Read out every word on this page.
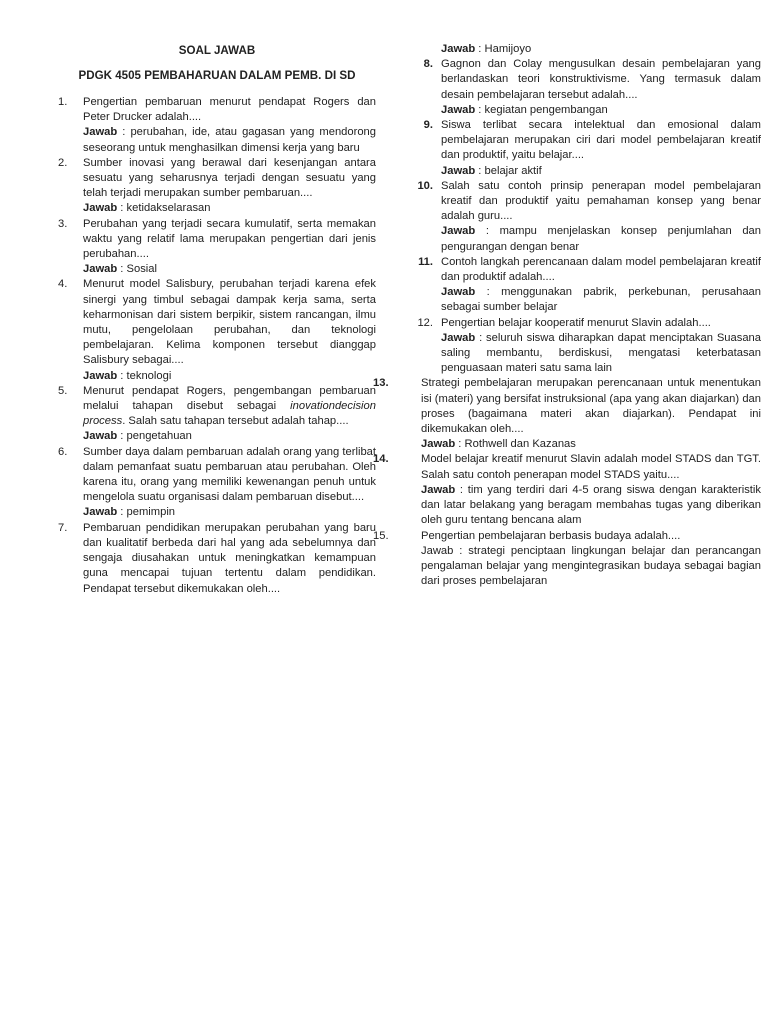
SOAL JAWAB
PDGK 4505 PEMBAHARUAN DALAM PEMB. DI SD
1. Pengertian pembaruan menurut pendapat Rogers dan Peter Drucker adalah....
Jawab : perubahan, ide, atau gagasan yang mendorong seseorang untuk menghasilkan dimensi kerja yang baru
2. Sumber inovasi yang berawal dari kesenjangan antara sesuatu yang seharusnya terjadi dengan sesuatu yang telah terjadi merupakan sumber pembaruan....
Jawab : ketidakselarasan
3. Perubahan yang terjadi secara kumulatif, serta memakan waktu yang relatif lama merupakan pengertian dari jenis perubahan....
Jawab : Sosial
4. Menurut model Salisbury, perubahan terjadi karena efek sinergi yang timbul sebagai dampak kerja sama, serta keharmonisan dari sistem berpikir, sistem rancangan, ilmu mutu, pengelolaan perubahan, dan teknologi pembelajaran. Kelima komponen tersebut dianggap Salisbury sebagai....
Jawab : teknologi
5. Menurut pendapat Rogers, pengembangan pembaruan melalui tahapan disebut sebagai inovationdecision process. Salah satu tahapan tersebut adalah tahap....
Jawab : pengetahuan
6. Sumber daya dalam pembaruan adalah orang yang terlibat dalam pemanfaat suatu pembaruan atau perubahan. Oleh karena itu, orang yang memiliki kewenangan penuh untuk mengelola suatu organisasi dalam pembaruan disebut....
Jawab : pemimpin
7. Pembaruan pendidikan merupakan perubahan yang baru dan kualitatif berbeda dari hal yang ada sebelumnya dan sengaja diusahakan untuk meningkatkan kemampuan guna mencapai tujuan tertentu dalam pendidikan. Pendapat tersebut dikemukakan oleh....
Jawab : Hamijoyo
8. Gagnon dan Colay mengusulkan desain pembelajaran yang berlandaskan teori konstruktivisme. Yang termasuk dalam desain pembelajaran tersebut adalah....
Jawab : kegiatan pengembangan
9. Siswa terlibat secara intelektual dan emosional dalam pembelajaran merupakan ciri dari model pembelajaran kreatif dan produktif, yaitu belajar....
Jawab : belajar aktif
10. Salah satu contoh prinsip penerapan model pembelajaran kreatif dan produktif yaitu pemahaman konsep yang benar adalah guru....
Jawab : mampu menjelaskan konsep penjumlahan dan pengurangan dengan benar
11. Contoh langkah perencanaan dalam model pembelajaran kreatif dan produktif adalah....
Jawab : menggunakan pabrik, perkebunan, perusahaan sebagai sumber belajar
12. Pengertian belajar kooperatif menurut Slavin adalah....
Jawab : seluruh siswa diharapkan dapat menciptakan Suasana saling membantu, berdiskusi, mengatasi keterbatasan penguasaan materi satu sama lain
13.	Strategi pembelajaran merupakan perencanaan untuk menentukan isi (materi) yang bersifat instruksional (apa yang akan diajarkan) dan proses (bagaimana materi akan diajarkan). Pendapat ini dikemukakan oleh....
Jawab : Rothwell dan Kazanas
14.	Model belajar kreatif menurut Slavin adalah model STADS dan TGT. Salah satu contoh penerapan model STADS yaitu....
Jawab : tim yang terdiri dari 4-5 orang siswa dengan karakteristik dan latar belakang yang beragam membahas tugas yang diberikan oleh guru tentang bencana alam
15.	Pengertian pembelajaran berbasis budaya adalah....
Jawab : strategi penciptaan lingkungan belajar dan perancangan pengalaman belajar yang mengintegrasikan budaya sebagai bagian dari proses pembelajaran
